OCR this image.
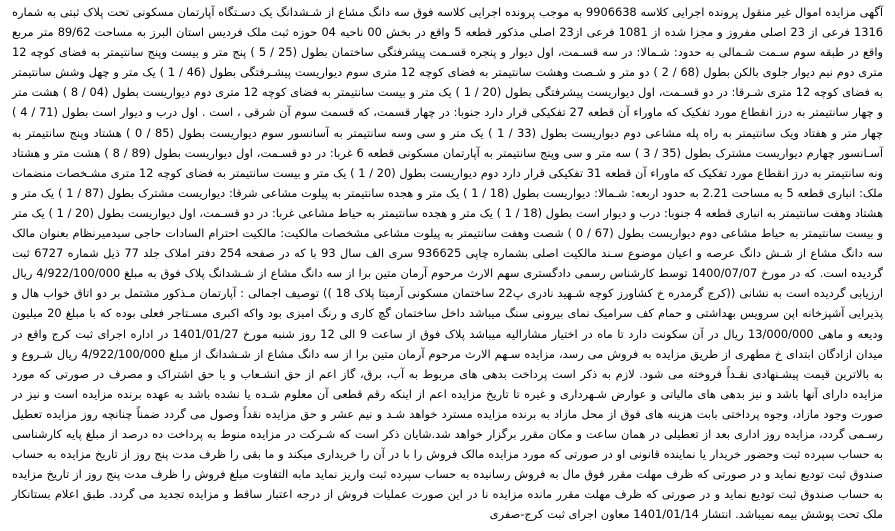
آگهی مزایده اموال غیر منقول پرونده اجرایی کلاسه 9906638 به موجب پرونده اجرایی کلاسه فوق سه دانگ مشاع از شـشدانگ یک دسـتگاه آپارتمان مسکونی تحت پلاک ثبتی به شماره 1316 فرعی از 23 اصلی مفروز و مجزا شده از 1081 فرعی از23 اصلی مذکور قطعه 5 واقع در بخش 00 ناحیه 04 حوزه ثبت ملک فردیس استان البرز به مساحت 89/62 متر مربع واقع در طبقه سوم سـمت شـمالی به حدود: شـمالا: در سه قسـمت، اول دیوار و پنجره قسـمت پیشرفتگی ساختمان بطول (25 / 5 ) پنج متر و بیست وپنج سانتیمتر به فضای کوچه 12 متری دوم نیم دیوار جلوی بالکن بطول (68 / 2 ) دو متر و شـصت وهشت سانتیمتر به فضای کوچه 12 متری سوم دیواریست پیشـرفتگی بطول (46 / 1 ) یک متر و چهل وشش سانتیمتر به فضای کوچه 12 متری شـرقا: در دو قسـمت، اول دیواریست پیشرفتگی بطول (20 / 1 ) یک متر و بیست سانتیمتر به فضای کوچه 12 متری دوم دیواریست بطول (04 / 8 ) هشت متر و چهار سانتیمتر به درز انقطاع مورد تفکیک که ماوراء آن قطعه 27 تفکیکی قرار دارد جنوبا: در چهار قسمت، که قسمت سوم آن شرقی ، است . اول درب و دیوار است بطول (71 / 4 ) چهار متر و هفتاد ویک سانتیمتر به راه پله مشاعی دوم دیواریست بطول (33 / 1 ) یک متر و سی وسه سانتیمتر به آسانسور سوم دیواریست بطول (85 / 0 ) هشتاد وپنج سانتیمتر به آسـانسور چهارم دیواریست مشترک بطول (35 / 3 ) سه متر و سی وپنج سانتیمتر به آپارتمان مسکونی قطعه 6 غربا: در دو قسـمت، اول دیواریست بطول (89 / 8 ) هشت متر و هشتاد ونه سانتیمتر به درز انقطاع مورد تفکیک که ماوراء آن قطعه 31 تفکیکی قرار دارد دوم دیواریست بطول (20 / 1 ) یک متر و بیست سانتیمتر به فضای کوچه 12 متری مشـخصات منضمات ملک: انباری قطعه 5 به مساحت 2.21 به حدود اربعه: شـمالا: دیواریست بطول (18 / 1 ) یک متر و هجده سانتیمتر به پیلوت مشاعی شرقا: دیواریست مشترک بطول (87 / 1 ) یک متر و هشتاد وهفت سانتیمتر به انباری قطعه 4 جنوبا: درب و دیوار است بطول (18 / 1 ) یک متر و هجده سانتیمتر به حیاط مشاعی غربا: در دو قسـمت، اول دیواریست بطول (20 / 1 ) یک متر و بیست سانتیمتر به حیاط مشاعی دوم دیواریست بطول (67 / 0 ) شصت وهفت سانتیمتر به پیلوت مشاعی مشخصات مالکیت: مالکیت احترام السادات حاجی سیدمیرنظام بعنوان مالک سه دانگ مشاع از شـش دانگ عرصه و اعیان موضوع سـند مالکیت اصلی بشماره چاپی 936625 سری الف سال 93 با که در صفحه 254 دفتر املاک جلد 77 ذیل شماره 6727 ثبت گردیده است. که در مورخ 1400/07/07 توسط کارشناس رسمی دادگستری سهم الارث مرحوم آرمان متین برا از سه دانگ مشاع از شـشدانگ پلاک فوق به مبلغ 4/922/100/000 ریال ارزیابی گردیده است به نشانی ((کرج گرمدره خ کشاورز کوچه شـهید نادری پ22 ساختمان مسکونی آرمیتا پلاک 18 )) توصیف اجمالی : آپارتمان مـذکور مشتمل بر دو اتاق خواب هال و پذیرایی آشپزخانه اپن سرویس بهداشتی و حمام کف سرامیک نمای بیرونی سنگ میباشد داخل ساختمان گچ کاری و رنگ امیزی بود واکه اکبری مسـتاجر فعلی بوده که با مبلغ 20 میلیون ودیعه و ماهی 13/000/000 ریال در آن سکونت دارد تا ماه در اختیار مشارالیه میباشد پلاک فوق از ساعت 9 الی 12 روز شنبه مورخ 1401/01/27 در اداره اجرای ثبت کرج واقع در میدان ازادگان ابتدای خ مطهری از طریق مزایده به فروش می رسد، مزایده سـهم الارث مرحوم آرمان متین برا از سه دانگ مشاع از شـشدانگ از مبلغ 4/922/100/000 ریال شـروع و به بالاترین قیمت پیشـنهادی نقـداً فروخته می شود. لازم به ذکر است پرداخت بدهی های مربوط به آب، برق، گاز اعم از حق انشـعاب و یا حق اشتراک و مصرف در صورتی که مورد مزایده دارای آنها باشد و نیز بدهی های مالیاتی و عوارض شـهرداری و غیره تا تاریخ مزایده اعم از اینکه رقم قطعی آن معلوم شـده یا نشده باشد به عهده برنده مزایده است و نیز در صورت وجود مازاد، وجوه پرداختی بابت هزینه های فوق از محل مازاد به برنده مزایده مسترد خواهد شـد و نیم عشر و حق مزایده نقداً وصول می گردد ضمناً چنانچه روز مزایده تعطیل رسـمی گردد، مزایده روز اداری بعد از تعطیلی در همان ساعت و مکان مقرر برگزار خواهد شد.شایان ذکر است که شـرکت در مزایده منوط به پرداخت ده درصد از مبلغ پایه کارشناسی به حساب سپرده ثبت وحضور خریدار یا نماینده قانونی او در صورتی که مورد مزایده مالک فروش را با در آن را خریداری میکند و ما بقی را ظرف مدت پنج روز از تاریخ مزایده به حساب صندوق ثبت تودیع نماید و در صورتی که ظرف مهلت مقرر فوق مال به فروش رسانیده به حساب سپرده ثبت واریز نماید مابه التفاوت مبلغ فروش را ظرف مدت پنج روز از تاریخ مزایده به حساب صندوق ثبت تودیع نماید و در صورتی که ظرف مهلت مقرر مانده مزایده نا در این صورت عملیات فروش از درجه اعتبار ساقط و مزایده تجدید می گردد. طبق اعلام بستانکار ملک تحت پوشش بیمه نمیباشد. انتشار 1401/01/14 معاون اجرای ثبت کرج-صفری
